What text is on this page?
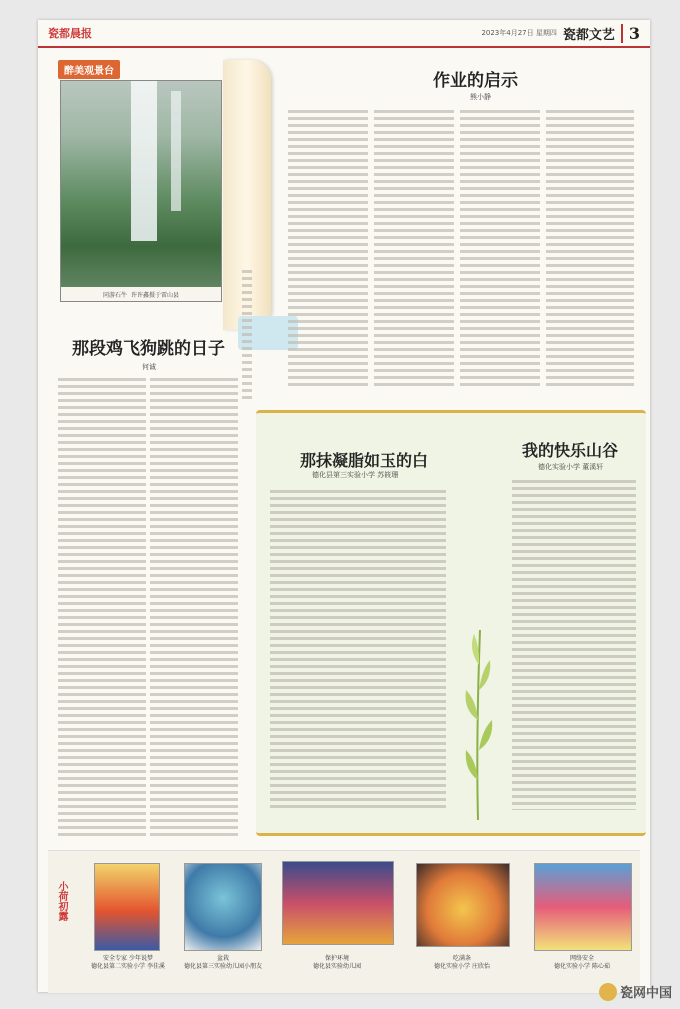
瓷都晨报	2023年4月27日 星期四 瓷都文艺 3
醉美观景台
同游石牛 许许鑫摄于雷山县
那段鸡飞狗跳的日子
何诚
作业的启示
熊小静
那抹凝脂如玉的白
德化县第三实验小学 苏筱珊
我的快乐山谷
德化实验小学 董溪轩
小荷初露
安全专家 少年说梦
德化县第二实验小学 李佳溪
盆栽
德化县第三实验幼儿园小朋友
保护环境
德化县实验幼儿园
吃满条
德化实验小学 庄欣怡
网络安全
德化实验小学 陈心茹
瓷网中国
